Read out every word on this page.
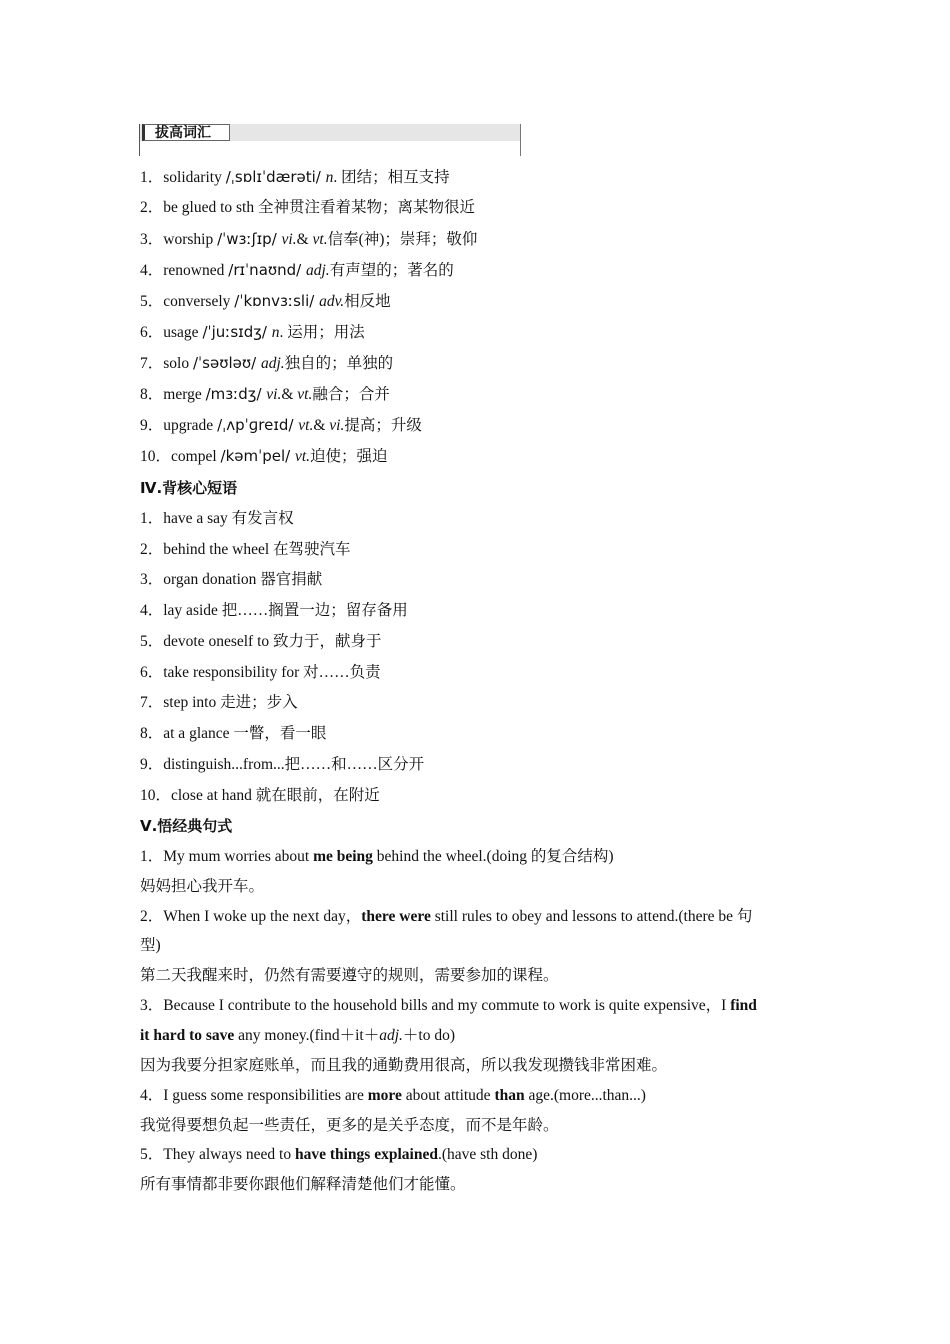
拔高词汇
1．solidarity /ˌsɒlɪˈdærəti/ n. 团结；相互支持
2．be glued to sth 全神贯注看着某物；离某物很近
3．worship /ˈwɜːʃɪp/ vi.& vt.信奉(神)；崇拜；敬仰
4．renowned /rɪˈnaʊnd/ adj.有声望的；著名的
5．conversely /ˈkɒnvɜːsli/ adv.相反地
6．usage /ˈjuːsɪdʒ/ n. 运用；用法
7．solo /ˈsəʊləʊ/ adj.独自的；单独的
8．merge /mɜːdʒ/ vi.& vt.融合；合并
9．upgrade /ˌʌpˈɡreɪd/ vt.& vi.提高；升级
10．compel /kəmˈpel/ vt.迫使；强迫
Ⅳ.背核心短语
1．have a say 有发言权
2．behind the wheel 在驾驶汽车
3．organ donation 器官捐献
4．lay aside 把……搁置一边；留存备用
5．devote oneself to 致力于，献身于
6．take responsibility for 对……负责
7．step into 走进；步入
8．at a glance 一瞥，看一眼
9．distinguish...from...把……和……区分开
10．close at hand 就在眼前，在附近
Ⅴ.悟经典句式
1．My mum worries about me being behind the wheel.(doing 的复合结构)
妈妈担心我开车。
2．When I woke up the next day，there were still rules to obey and lessons to attend.(there be 句
型)
第二天我醒来时，仍然有需要遵守的规则，需要参加的课程。
3．Because I contribute to the household bills and my commute to work is quite expensive，I find
it hard to save any money.(find＋it＋adj.＋to do)
因为我要分担家庭账单，而且我的通勤费用很高，所以我发现攒钱非常困难。
4．I guess some responsibilities are more about attitude than age.(more...than...)
我觉得要想负起一些责任，更多的是关乎态度，而不是年龄。
5．They always need to have things explained.(have sth done)
所有事情都非要你跟他们解释清楚他们才能懂。
